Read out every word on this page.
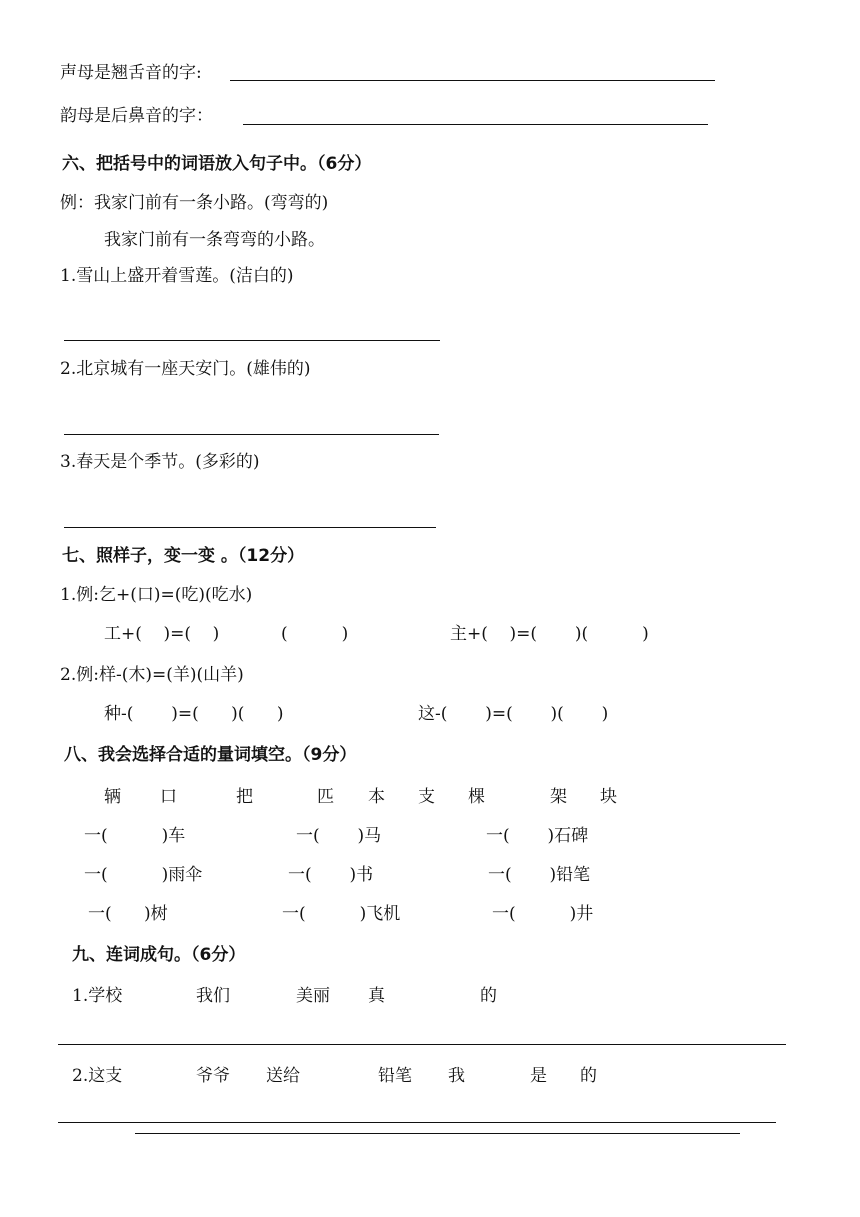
声母是翘舌音的字:
韵母是后鼻音的字：
六、把括号中的词语放入句子中。（6分）
例：我家门前有一条小路。(弯弯的)
我家门前有一条弯弯的小路。
1.雪山上盛开着雪莲。(洁白的)
2.北京城有一座天安门。(雄伟的)
3.春天是个季节。(多彩的)
七、照样子，变一变 。（12分）
1.例:乞+(口)=(吃)(吃水)
工+(    )=(    )	(          )	主+(    )=(       )(          )
2.例:样-(木)=(羊)(山羊)
种-(       )=(      )(      )	这-(       )=(       )(       )
八、我会选择合适的量词填空。（9分）
辆 口	把	匹 本 支 棵	架 块
一(          )车	一(       )马	一(       )石碑
一(          )雨伞	一(       )书	一(       )铅笔
一(      )树	一(          )飞机	一(          )井
九、连词成句。（6分）
1.学校	我们	美丽 真	的
2.这支	爷爷 送给	铅笔 我	是 的
